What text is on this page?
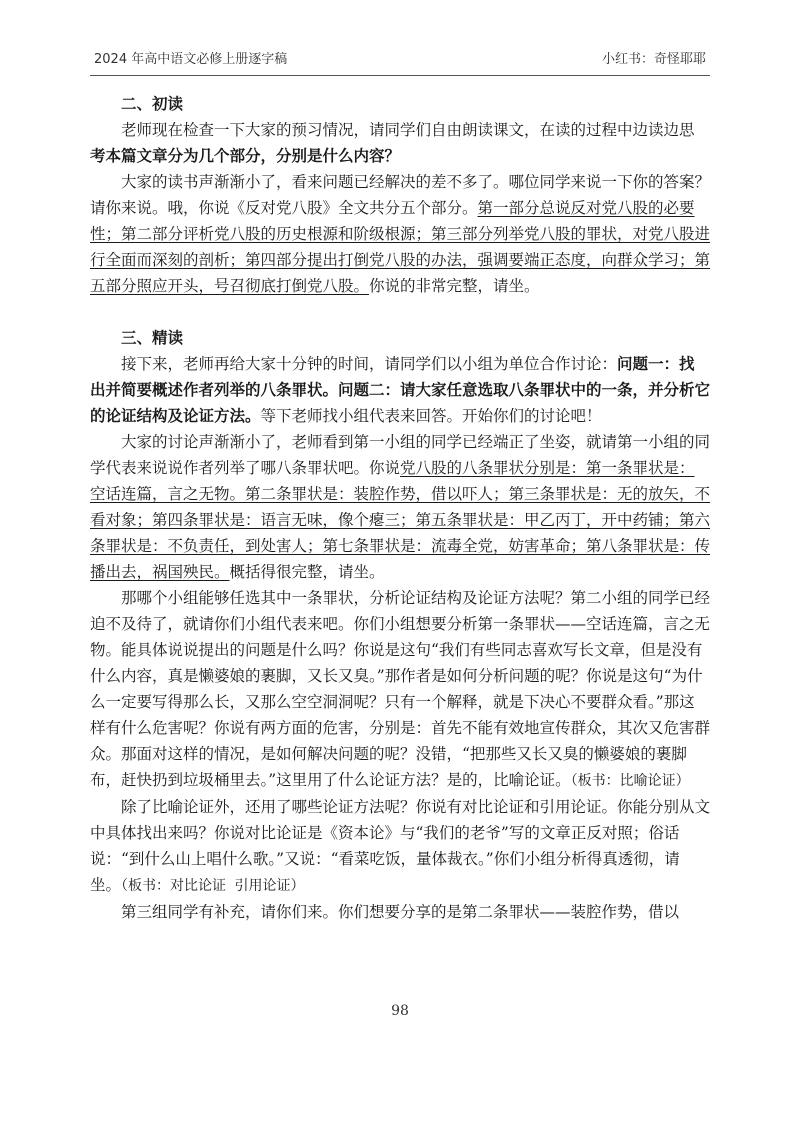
2024 年高中语文必修上册逐字稿	小红书：奇怪耶耶

二、初读

老师现在检查一下大家的预习情况，请同学们自由朗读课文，在读的过程中边读边思考本篇文章分为几个部分，分别是什么内容？

大家的读书声渐渐小了，看来问题已经解决的差不多了。哪位同学来说一下你的答案？请你来说。哦，你说《反对党八股》全文共分五个部分。第一部分总说反对党八股的必要性；第二部分评析党八股的历史根源和阶级根源；第三部分列举党八股的罪状，对党八股进行全面而深刻的剖析；第四部分提出打倒党八股的办法，强调要端正态度，向群众学习；第五部分照应开头，号召彻底打倒党八股。你说的非常完整，请坐。

三、精读

接下来，老师再给大家十分钟的时间，请同学们以小组为单位合作讨论：问题一：找出并简要概述作者列举的八条罪状。问题二：请大家任意选取八条罪状中的一条，并分析它的论证结构及论证方法。等下老师找小组代表来回答。开始你们的讨论吧！

大家的讨论声渐渐小了，老师看到第一小组的同学已经端正了坐姿，就请第一小组的同学代表来说说作者列举了哪八条罪状吧。你说党八股的八条罪状分别是：第一条罪状是：空话连篇，言之无物。第二条罪状是：装腔作势，借以吓人；第三条罪状是：无的放矢，不看对象；第四条罪状是：语言无味，像个瘪三；第五条罪状是：甲乙丙丁，开中药铺；第六条罪状是：不负责任，到处害人；第七条罪状是：流毒全党，妨害革命；第八条罪状是：传播出去，祸国殃民。概括得很完整，请坐。

那哪个小组能够任选其中一条罪状，分析论证结构及论证方法呢？第二小组的同学已经迫不及待了，就请你们小组代表来吧。你们小组想要分析第一条罪状——空话连篇，言之无物。能具体说说提出的问题是什么吗？你说是这句“我们有些同志喜欢写长文章，但是没有什么内容，真是懒婆娘的裹脚，又长又臭。”那作者是如何分析问题的呢？你说是这句“为什么一定要写得那么长，又那么空空洞洞呢？只有一个解释，就是下决心不要群众看。”那这样有什么危害呢？你说有两方面的危害，分别是：首先不能有效地宣传群众，其次又危害群众。那面对这样的情况，是如何解决问题的呢？没错，“把那些又长又臭的懒婆娘的裹脚布，赶快扔到垃圾桶里去。”这里用了什么论证方法？是的，比喻论证。（板书：比喻论证）

除了比喻论证外，还用了哪些论证方法呢？你说有对比论证和引用论证。你能分别从文中具体找出来吗？你说对比论证是《资本论》与“我们的老爷”写的文章正反对照；俗话说：“到什么山上唱什么歌。”又说：“看菜吃饭，量体裁衣。”你们小组分析得真透彻，请坐。（板书：对比论证 引用论证）

第三组同学有补充，请你们来。你们想要分享的是第二条罪状——装腔作势，借以

98
